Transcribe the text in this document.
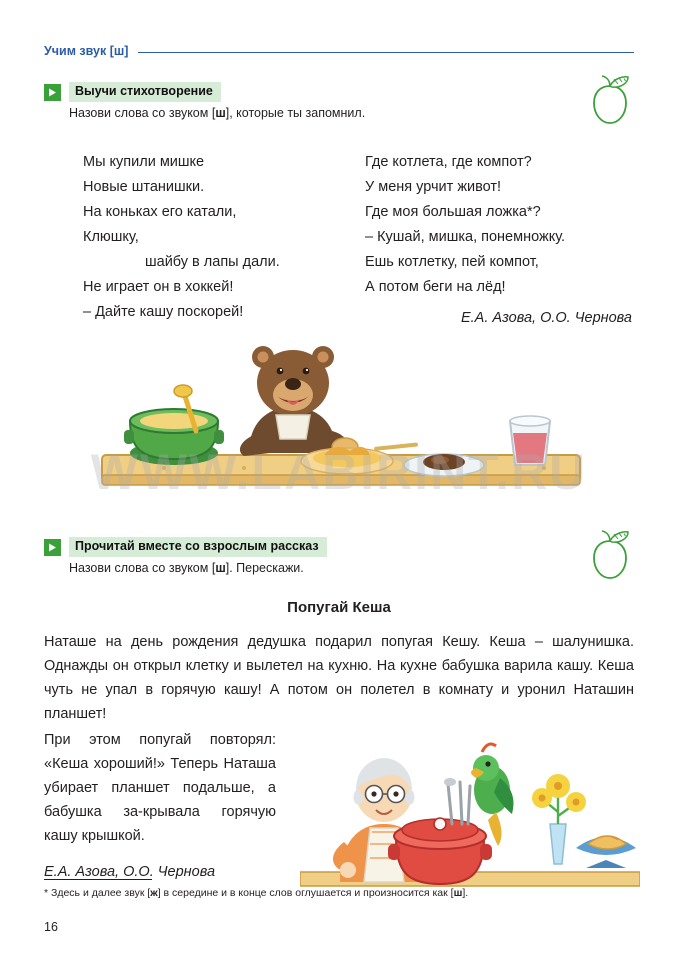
Учим звук [ш]
Выучи стихотворение
Назови слова со звуком [ш], которые ты запомнил.
Мы купили мишке
Новые штанишки.
На коньках его катали,
Клюшку,
шайбу в лапы дали.
Не играет он в хоккей!
– Дайте кашу поскорей!
Где котлета, где компот?
У меня урчит живот!
Где моя большая ложка*?
– Кушай, мишка, понемножку.
Ешь котлетку, пей компот,
А потом беги на лёд!
Е.А. Азова, О.О. Чернова
WWW.LABIRINT.RU
Прочитай вместе со взрослым рассказ
Назови слова со звуком [ш]. Перескажи.
Попугай Кеша
Наташе на день рождения дедушка подарил попугая Кешу. Кеша – шалунишка. Однажды он открыл клетку и вылетел на кухню. На кухне бабушка варила кашу. Кеша чуть не упал в горячую кашу! А потом он полетел в комнату и уронил Наташин планшет!
При этом попугай повторял: «Кеша хороший!» Теперь Наташа убирает планшет подальше, а бабушка за-крывала горячую кашу крышкой.
Е.А. Азова, О.О. Чернова
* Здесь и далее звук [ж] в середине и в конце слов оглушается и произносится как [ш].
16
